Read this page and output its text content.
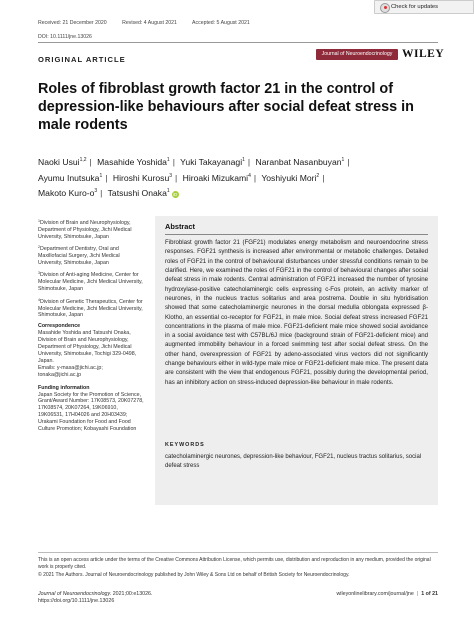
Check for updates
Received: 21 December 2020	Revised: 4 August 2021	Accepted: 5 August 2021
DOI: 10.1111/jne.13026
ORIGINAL ARTICLE
Journal of Neuroendocrinology WILEY
Roles of fibroblast growth factor 21 in the control of depression-like behaviours after social defeat stress in male rodents
Naoki Usui$^{1,2}$ | Masahide Yoshida$^1$ | Yuki Takayanagi$^1$ | Naranbat Nasanbuyan$^1$ |
Ayumu Inutsuka$^1$ | Hiroshi Kurosu$^3$ | Hiroaki Mizukami$^4$ | Yoshiyuki Mori$^2$ |
Makoto Kuro-$o^3$ | Tatsushi Onaka$^1$iD
$^1$Division of Brain and Neurophysiology, Department of Physiology, Jichi Medical University, Shimotsuke, Japan
$^2$Department of Dentistry, Oral and Maxillofacial Surgery, Jichi Medical University, Shimotsuke, Japan
$^3$Division of Anti-aging Medicine, Center for Molecular Medicine, Jichi Medical University, Shimotsuke, Japan
$^4$Division of Genetic Therapeutics, Center for Molecular Medicine, Jichi Medical University, Shimotsuke, Japan
Correspondence
Masahide Yoshida and Tatsushi Onaka, Division of Brain and Neurophysiology, Department of Physiology, Jichi Medical University, Shimotsuke, Tochigi 329-0498, Japan.
Emails: y-masa@jichi.ac.jp; tonaka@jichi.ac.jp
Funding information
Japan Society for the Promotion of Science, Grant/Award Number: 17K08573, 20K07278, 17K08574, 20K07264, 19K06910, 19K06531, 17H04026 and 20H03439; Urakami Foundation for Food and Food Culture Promotion; Kobayashi Foundation
Abstract
Fibroblast growth factor 21 (FGF21) modulates energy metabolism and neuroendocrine stress responses. FGF21 synthesis is increased after environmental or metabolic challenges. Detailed roles of FGF21 in the control of behavioural disturbances under stressful conditions remain to be clarified. Here, we examined the roles of FGF21 in the control of behavioural changes after social defeat stress in male rodents. Central administration of FGF21 increased the number of tyrosine hydroxylase-positive catecholaminergic cells expressing c-Fos protein, an activity marker of neurones, in the nucleus tractus solitarius and area postrema. Double in situ hybridisation showed that some catecholaminergic neurones in the dorsal medulla oblongata expressed β-Klotho, an essential co-receptor for FGF21, in male mice. Social defeat stress increased FGF21 concentrations in the plasma of male mice. FGF21-deficient male mice showed social avoidance in a social avoidance test with C57BL/6J mice (background strain of FGF21-deficient mice) and augmented immobility behaviour in a forced swimming test after social defeat stress. On the other hand, overexpression of FGF21 by adeno-associated virus vectors did not significantly change behaviours either in wild-type male mice or FGF21-deficient male mice. The present data are consistent with the view that endogenous FGF21, possibly during the developmental period, has an inhibitory action on stress-induced depression-like behaviour in male rodents.
KEYWORDS
catecholaminergic neurones, depression-like behaviour, FGF21, nucleus tractus solitarius, social defeat stress
This is an open access article under the terms of the Creative Commons Attribution License, which permits use, distribution and reproduction in any medium, provided the original work is properly cited.
© 2021 The Authors. Journal of Neuroendocrinology published by John Wiley & Sons Ltd on behalf of British Society for Neuroendocrinology.
Journal of Neuroendocrinology. 2021;00:e13026.
https://doi.org/10.1111/jne.13026
wileyonlinelibrary.com/journal/jne | 1 of 21
